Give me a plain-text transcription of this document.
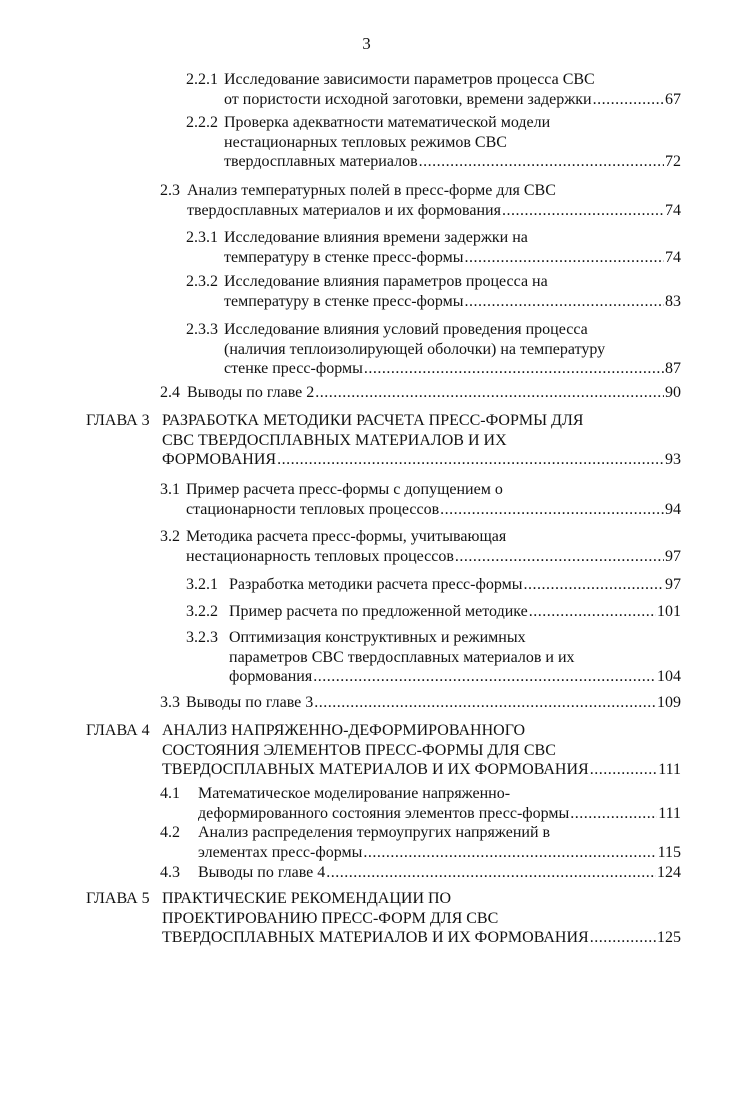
3
2.2.1 Исследование зависимости параметров процесса СВС
от пористости исходной заготовки, времени задержки .....	67
2.2.2 Проверка адекватности математической модели
нестационарных тепловых режимов СВС
твердосплавных материалов .....	72
2.3 Анализ температурных полей в пресс-форме для СВС
твердосплавных материалов и их формования .....	74
2.3.1 Исследование влияния времени задержки на
температуру в стенке пресс-формы .....	74
2.3.2 Исследование влияния параметров процесса на
температуру в стенке пресс-формы .....	83
2.3.3 Исследование влияния условий проведения процесса
(наличия теплоизолирующей оболочки) на температуру
стенке пресс-формы .....	87
2.4 Выводы по главе 2 .....	90
ГЛАВА 3 РАЗРАБОТКА МЕТОДИКИ РАСЧЕТА ПРЕСС-ФОРМЫ ДЛЯ
СВС ТВЕРДОСПЛАВНЫХ МАТЕРИАЛОВ И ИХ
ФОРМОВАНИЯ .....	93
3.1 Пример расчета пресс-формы с допущением о
стационарности тепловых процессов .....	94
3.2 Методика расчета пресс-формы, учитывающая
нестационарность тепловых процессов .....	97
3.2.1 Разработка методики расчета пресс-формы .....	97
3.2.2 Пример расчета по предложенной методике .....	101
3.2.3 Оптимизация конструктивных и режимных
параметров СВС твердосплавных материалов и их
формования .....	104
3.3 Выводы по главе 3 .....	109
ГЛАВА 4 АНАЛИЗ НАПРЯЖЕННО-ДЕФОРМИРОВАННОГО
СОСТОЯНИЯ ЭЛЕМЕНТОВ ПРЕСС-ФОРМЫ ДЛЯ СВС
ТВЕРДОСПЛАВНЫХ МАТЕРИАЛОВ И ИХ ФОРМОВАНИЯ .....	111
4.1	Математическое моделирование напряженно-
деформированного состояния элементов пресс-формы .....	111
4.2	Анализ распределения термоупругих напряжений в
элементах пресс-формы .....	115
4.3	Выводы по главе 4 .....	124
ГЛАВА 5 ПРАКТИЧЕСКИЕ РЕКОМЕНДАЦИИ ПО
ПРОЕКТИРОВАНИЮ ПРЕСС-ФОРМ ДЛЯ СВС
ТВЕРДОСПЛАВНЫХ МАТЕРИАЛОВ И ИХ ФОРМОВАНИЯ .....	125
